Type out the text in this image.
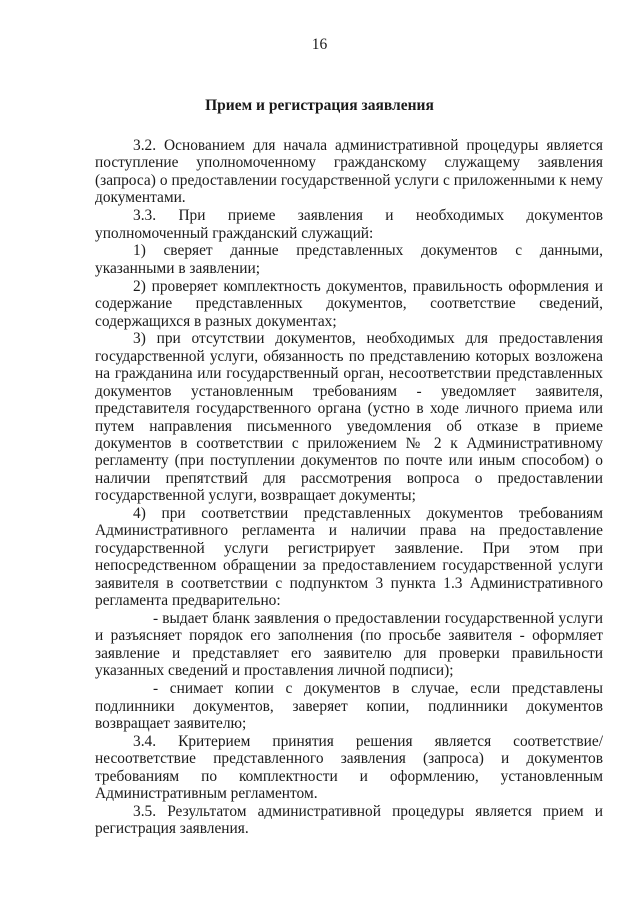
16
Прием и регистрация заявления

3.2. Основанием для начала административной процедуры является поступление уполномоченному гражданскому служащему заявления (запроса) о предоставлении государственной услуги с приложенными к нему документами.

3.3. При приеме заявления и необходимых документов уполномоченный гражданский служащий:

1) сверяет данные представленных документов с данными, указанными в заявлении;

2) проверяет комплектность документов, правильность оформления и содержание представленных документов, соответствие сведений, содержащихся в разных документах;

3) при отсутствии документов, необходимых для предоставления государственной услуги, обязанность по представлению которых возложена на гражданина или государственный орган, несоответствии представленных документов установленным требованиям - уведомляет заявителя, представителя государственного органа (устно в ходе личного приема или путем направления письменного уведомления об отказе в приеме документов в соответствии с приложением № 2 к Административному регламенту (при поступлении документов по почте или иным способом) о наличии препятствий для рассмотрения вопроса о предоставлении государственной услуги, возвращает документы;

4) при соответствии представленных документов требованиям Административного регламента и наличии права на предоставление государственной услуги регистрирует заявление. При этом при непосредственном обращении за предоставлением государственной услуги заявителя в соответствии с подпунктом 3 пункта 1.3 Административного регламента предварительно:

- выдает бланк заявления о предоставлении государственной услуги и разъясняет порядок его заполнения (по просьбе заявителя - оформляет заявление и представляет его заявителю для проверки правильности указанных сведений и проставления личной подписи);

- снимает копии с документов в случае, если представлены подлинники документов, заверяет копии, подлинники документов возвращает заявителю;

3.4. Критерием принятия решения является соответствие/несоответствие представленного заявления (запроса) и документов требованиям по комплектности и оформлению, установленным Административным регламентом.

3.5. Результатом административной процедуры является прием и регистрация заявления.
